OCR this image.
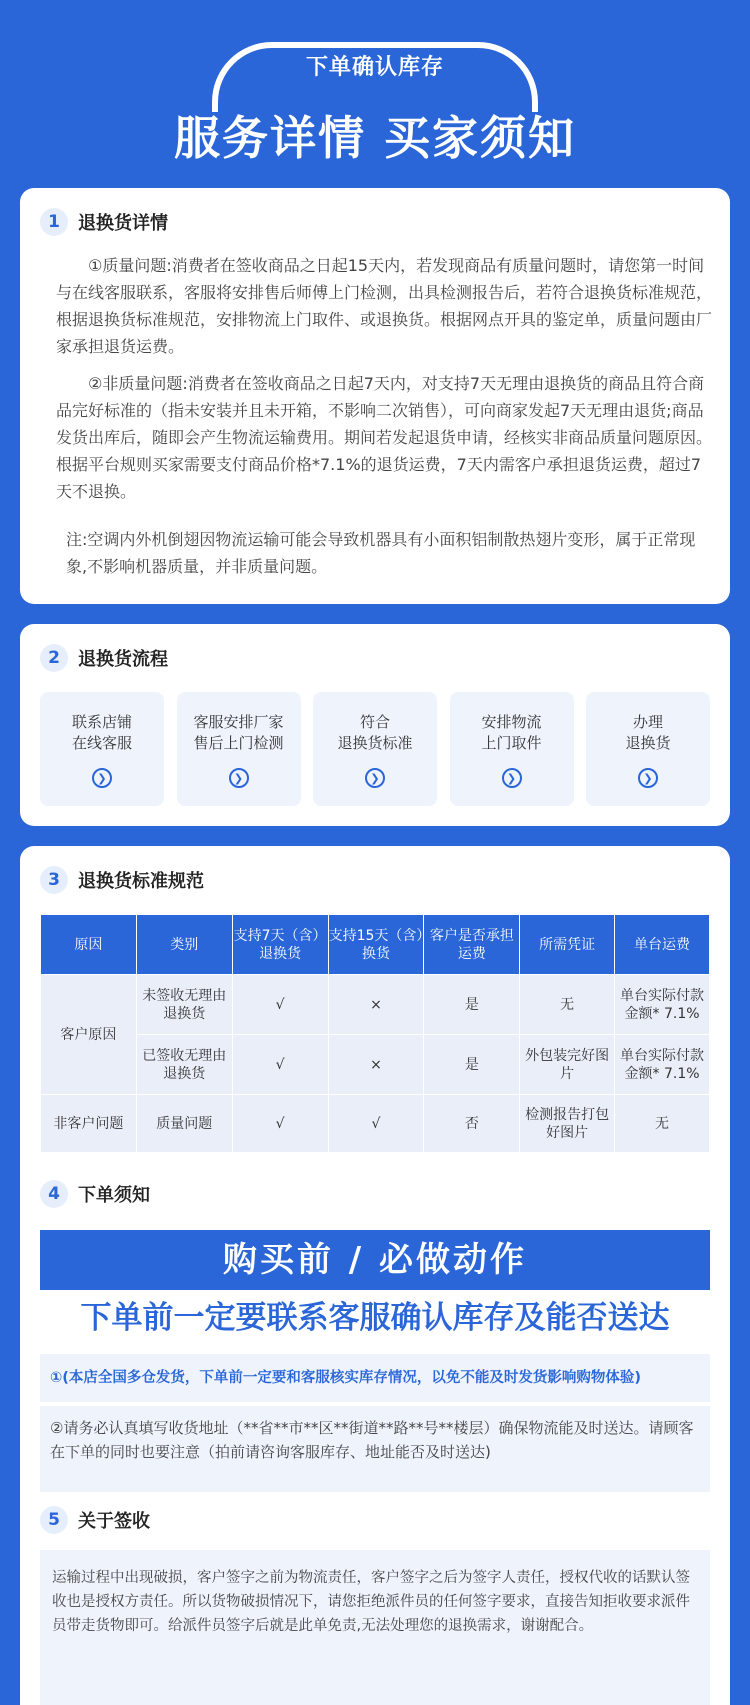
下单确认库存
服务详情 买家须知
1	退换货详情
①质量问题:消费者在签收商品之日起15天内，若发现商品有质量问题时，请您第一时间与在线客服联系，客服将安排售后师傅上门检测，出具检测报告后，若符合退换货标准规范，根据退换货标准规范，安排物流上门取件、或退换货。根据网点开具的鉴定单，质量问题由厂家承担退货运费。
②非质量问题:消费者在签收商品之日起7天内，对支持7天无理由退换货的商品且符合商品完好标准的（指未安装并且未开箱，不影响二次销售），可向商家发起7天无理由退货;商品发货出库后，随即会产生物流运输费用。期间若发起退货申请，经核实非商品质量问题原因。根据平台规则买家需要支付商品价格*7.1%的退货运费，7天内需客户承担退货运费，超过7天不退换。
注:空调内外机倒翅因物流运输可能会导致机器具有小面积铝制散热翅片变形，属于正常现象,不影响机器质量，并非质量问题。
2	退换货流程
联系店铺
在线客服
❯
客服安排厂家
售后上门检测
❯
符合
退换货标准
❯
安排物流
上门取件
❯
办理
退换货
❯
3	退换货标准规范
原因	类别	支持7天（含）退换货	支持15天（含）换货	客户是否承担运费	所需凭证	单台运费
客户原因	未签收无理由退换货	√	×	是	无	单台实际付款金额* 7.1%
	已签收无理由退换货	√	×	是	外包装完好图片	单台实际付款金额* 7.1%
非客户问题	质量问题	√	√	否	检测报告打包好图片	无
4	下单须知
购买前 / 必做动作
下单前一定要联系客服确认库存及能否送达
①(本店全国多仓发货，下单前一定要和客服核实库存情况，以免不能及时发货影响购物体验)
②请务必认真填写收货地址（**省**市**区**街道**路**号**楼层）确保物流能及时送达。请顾客在下单的同时也要注意（拍前请咨询客服库存、地址能否及时送达)
5	关于签收
运输过程中出现破损，客户签字之前为物流责任，客户签字之后为签字人责任，授权代收的话默认签收也是授权方责任。所以货物破损情况下，请您拒绝派件员的任何签字要求，直接告知拒收要求派件员带走货物即可。给派件员签字后就是此单免责,无法处理您的退换需求，谢谢配合。
